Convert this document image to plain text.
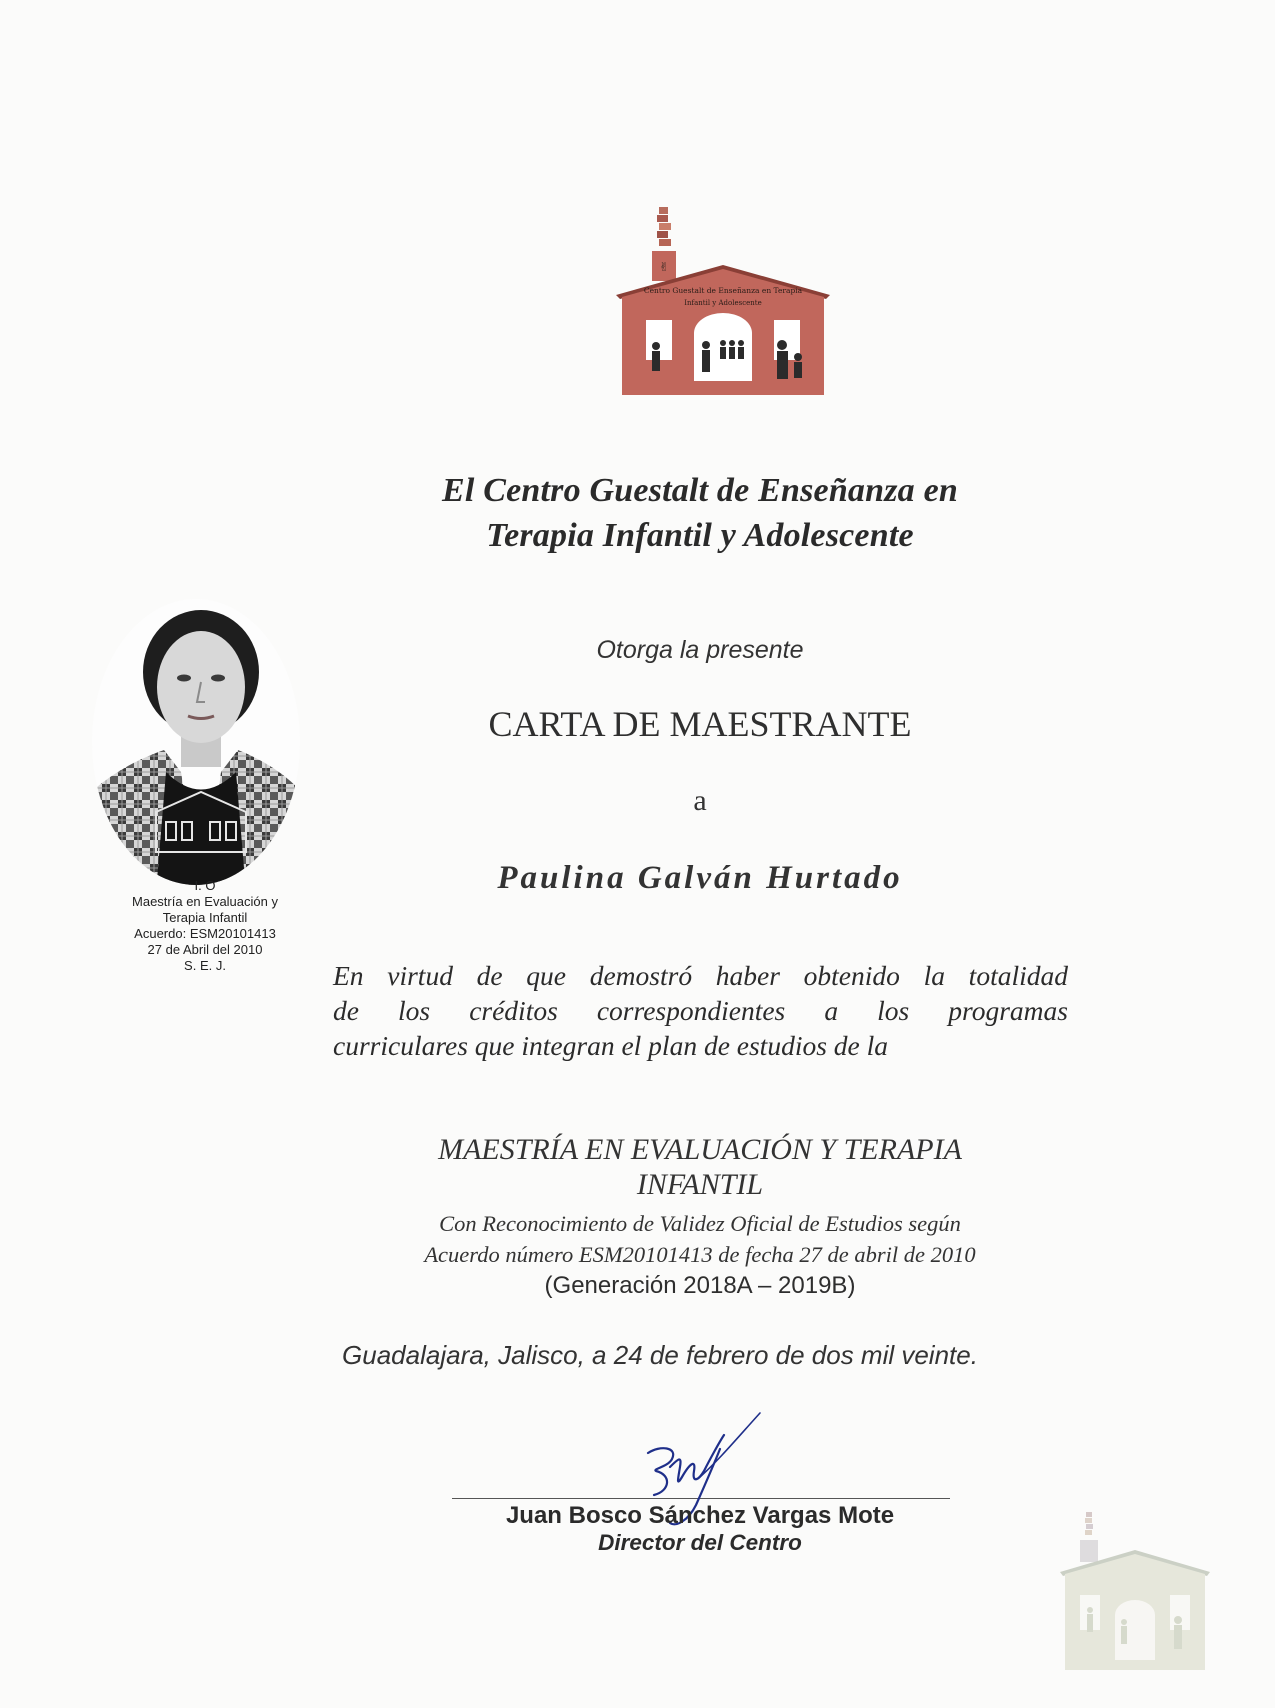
✌
Centro Guestalt de Enseñanza en Terapia
Infantil y Adolescente
El Centro Guestalt de Enseñanza en
Terapia Infantil y Adolescente
Otorga la presente
CARTA DE MAESTRANTE
a
Paulina Galván Hurtado
En virtud de que demostró haber obtenido la totalidad
de los créditos correspondientes a los programas
curriculares que integran el plan de estudios de la
MAESTRÍA EN EVALUACIÓN Y TERAPIA
INFANTIL
Con Reconocimiento de Validez Oficial de Estudios según
Acuerdo número ESM20101413 de fecha 27 de abril de 2010
(Generación 2018A – 2019B)
Guadalajara, Jalisco, a 24 de febrero de dos mil veinte.
Juan Bosco Sánchez Vargas Mote
Director del Centro
I. O
Maestría en Evaluación y
Terapia Infantil
Acuerdo: ESM20101413
27 de Abril del 2010
S. E. J.
